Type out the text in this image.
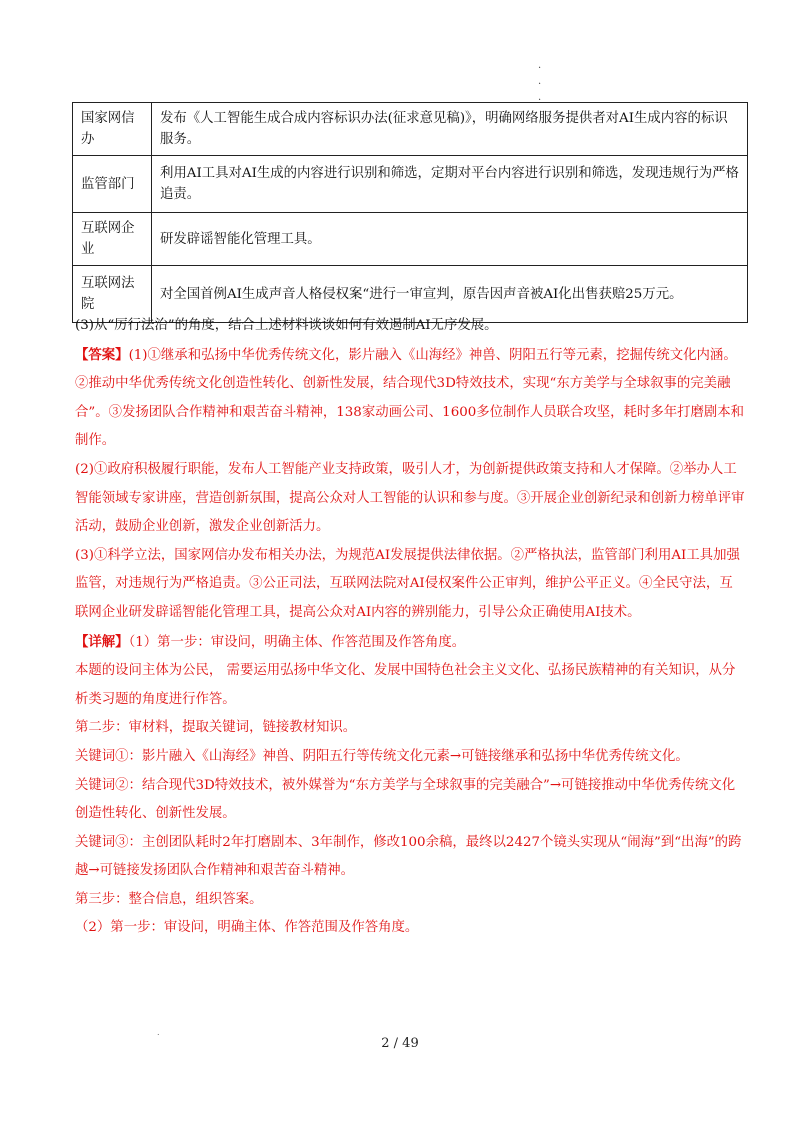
.
.
.
国家网信办	发布《人工智能生成合成内容标识办法(征求意见稿)》，明确网络服务提供者对AI生成内容的标识服务。
监管部门	利用AI工具对AI生成的内容进行识别和筛选，定期对平台内容进行识别和筛选，发现违规行为严格追责。
互联网企业	研发辟谣智能化管理工具。
互联网法院	对全国首例AI生成声音人格侵权案“进行一审宣判，原告因声音被AI化出售获赔25万元。

(3)从“厉行法治”的角度，结合上述材料谈谈如何有效遏制AI无序发展。

【答案】(1)①继承和弘扬中华优秀传统文化，影片融入《山海经》神兽、阴阳五行等元素，挖掘传统文化内涵。②推动中华优秀传统文化创造性转化、创新性发展，结合现代3D特效技术，实现“东方美学与全球叙事的完美融合”。③发扬团队合作精神和艰苦奋斗精神，138家动画公司、1600多位制作人员联合攻坚，耗时多年打磨剧本和制作。

(2)①政府积极履行职能，发布人工智能产业支持政策，吸引人才，为创新提供政策支持和人才保障。②举办人工智能领域专家讲座，营造创新氛围，提高公众对人工智能的认识和参与度。③开展企业创新纪录和创新力榜单评审活动，鼓励企业创新，激发企业创新活力。

(3)①科学立法，国家网信办发布相关办法，为规范AI发展提供法律依据。②严格执法，监管部门利用AI工具加强监管，对违规行为严格追责。③公正司法，互联网法院对AI侵权案件公正审判，维护公平正义。④全民守法，互联网企业研发辟谣智能化管理工具，提高公众对AI内容的辨别能力，引导公众正确使用AI技术。

【详解】（1）第一步：审设问，明确主体、作答范围及作答角度。

本题的设问主体为公民， 需要运用弘扬中华文化、发展中国特色社会主义文化、弘扬民族精神的有关知识，从分析类习题的角度进行作答。

第二步：审材料，提取关键词，链接教材知识。

关键词①：影片融入《山海经》神兽、阴阳五行等传统文化元素→可链接继承和弘扬中华优秀传统文化。

关键词②：结合现代3D特效技术，被外媒誉为“东方美学与全球叙事的完美融合”→可链接推动中华优秀传统文化创造性转化、创新性发展。

关键词③：主创团队耗时2年打磨剧本、3年制作，修改100余稿，最终以2427个镜头实现从“闹海”到“出海”的跨越→可链接发扬团队合作精神和艰苦奋斗精神。

第三步：整合信息，组织答案。

（2）第一步：审设问，明确主体、作答范围及作答角度。

.
2 / 49
